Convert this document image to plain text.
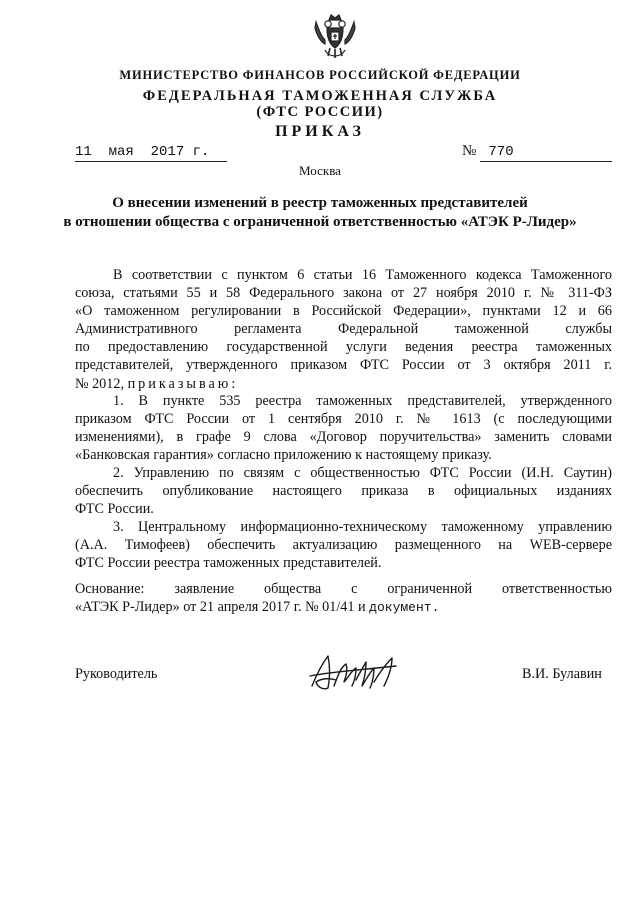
МИНИСТЕРСТВО ФИНАНСОВ РОССИЙСКОЙ ФЕДЕРАЦИИ
ФЕДЕРАЛЬНАЯ ТАМОЖЕННАЯ СЛУЖБА
(ФТС РОССИИ)
ПРИКАЗ
11  мая  2017 г.	№ 770
Москва
О внесении изменений в реестр таможенных представителей
в отношении общества с ограниченной ответственностью «АТЭК Р-Лидер»
В соответствии с пунктом 6 статьи 16 Таможенного кодекса Таможенного
союза, статьями 55 и 58 Федерального закона от 27 ноября 2010 г. № 311-ФЗ
«О таможенном регулировании в Российской Федерации», пунктами 12 и 66
Административного регламента Федеральной таможенной службы
по предоставлению государственной услуги ведения реестра таможенных
представителей, утвержденного приказом ФТС России от 3 октября 2011 г.
№ 2012, приказываю:
1. В пункте 535 реестра таможенных представителей, утвержденного
приказом ФТС России от 1 сентября 2010 г. № 1613 (с последующими
изменениями), в графе 9 слова «Договор поручительства» заменить словами
«Банковская гарантия» согласно приложению к настоящему приказу.
2. Управлению по связям с общественностью ФТС России (И.Н. Саутин)
обеспечить опубликование настоящего приказа в официальных изданиях
ФТС России.
3. Центральному информационно-техническому таможенному управлению
(А.А. Тимофеев) обеспечить актуализацию размещенного на WEB-сервере
ФТС России реестра таможенных представителей.
Основание: заявление общества с ограниченной ответственностью
«АТЭК Р-Лидер» от 21 апреля 2017 г. № 01/41 и документ.
Руководитель	В.И. Булавин
